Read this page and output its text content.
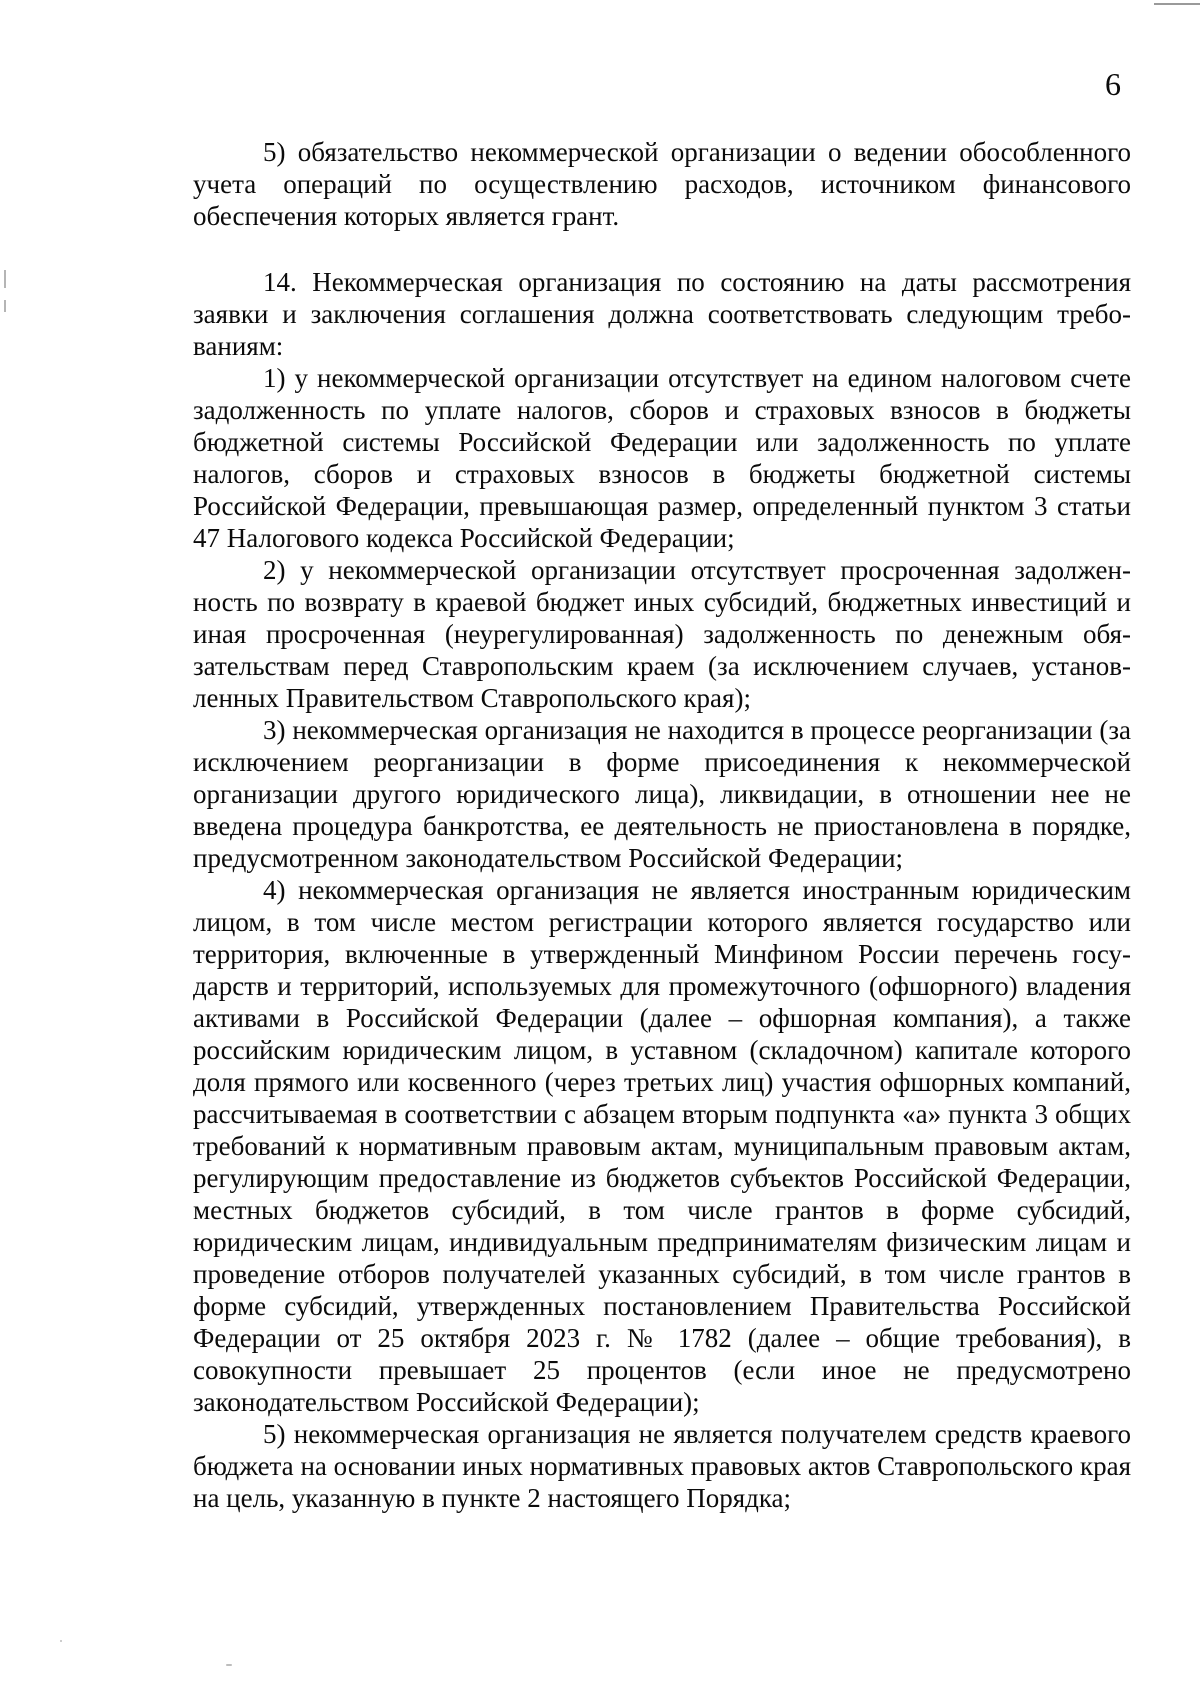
6

5) обязательство некоммерческой организации о ведении обособленного учета операций по осуществлению расходов, источником финансового обеспечения которых является грант.

14. Некоммерческая организация по состоянию на даты рассмотрения заявки и заключения соглашения должна соответствовать следующим требованиям:

1) у некоммерческой организации отсутствует на едином налоговом счете задолженность по уплате налогов, сборов и страховых взносов в бюджеты бюджетной системы Российской Федерации или задолженность по уплате налогов, сборов и страховых взносов в бюджеты бюджетной системы Российской Федерации, превышающая размер, определенный пунктом 3 статьи 47 Налогового кодекса Российской Федерации;

2) у некоммерческой организации отсутствует просроченная задолженность по возврату в краевой бюджет иных субсидий, бюджетных инвестиций и иная просроченная (неурегулированная) задолженность по денежным обязательствам перед Ставропольским краем (за исключением случаев, установленных Правительством Ставропольского края);

3) некоммерческая организация не находится в процессе реорганизации (за исключением реорганизации в форме присоединения к некоммерческой организации другого юридического лица), ликвидации, в отношении нее не введена процедура банкротства, ее деятельность не приостановлена в порядке, предусмотренном законодательством Российской Федерации;

4) некоммерческая организация не является иностранным юридическим лицом, в том числе местом регистрации которого является государство или территория, включенные в утвержденный Минфином России перечень государств и территорий, используемых для промежуточного (офшорного) владения активами в Российской Федерации (далее – офшорная компания), а также российским юридическим лицом, в уставном (складочном) капитале которого доля прямого или косвенного (через третьих лиц) участия офшорных компаний, рассчитываемая в соответствии с абзацем вторым подпункта «а» пункта 3 общих требований к нормативным правовым актам, муниципальным правовым актам, регулирующим предоставление из бюджетов субъектов Российской Федерации, местных бюджетов субсидий, в том числе грантов в форме субсидий, юридическим лицам, индивидуальным предпринимателям физическим лицам и проведение отборов получателей указанных субсидий, в том числе грантов в форме субсидий, утвержденных постановлением Правительства Российской Федерации от 25 октября 2023 г. № 1782 (далее – общие требования), в совокупности превышает 25 процентов (если иное не предусмотрено законодательством Российской Федерации);

5) некоммерческая организация не является получателем средств краевого бюджета на основании иных нормативных правовых актов Ставропольского края на цель, указанную в пункте 2 настоящего Порядка;
